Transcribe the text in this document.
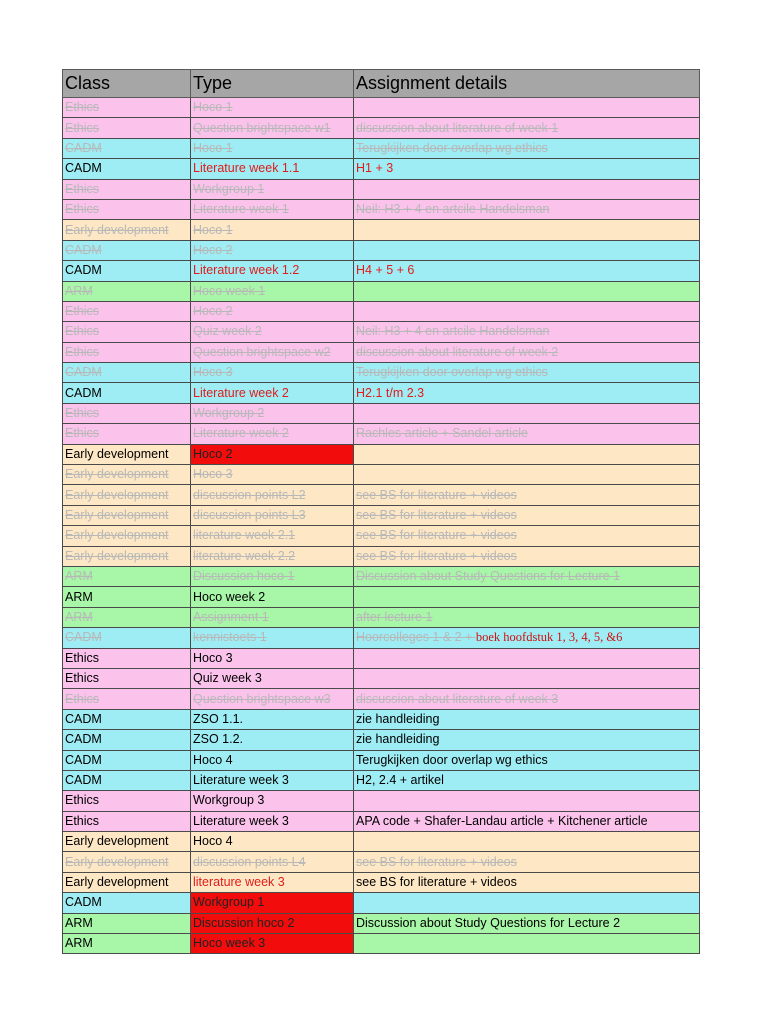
Class	Type	Assignment details
Ethics	Hoco 1	
Ethics	Question brightspace w1	discussion about literature of week 1
CADM	Hoco 1	Terugkijken door overlap wg ethics
CADM	Literature week 1.1	H1 + 3
Ethics	Workgroup 1	
Ethics	Literature week 1	Neil: H3 + 4 en artcile Handelsman
Early development	Hoco 1	
CADM	Hoco 2	
CADM	Literature week 1.2	H4 + 5 + 6
ARM	Hoco week 1	
Ethics	Hoco 2	
Ethics	Quiz week 2	Neil: H3 + 4 en artcile Handelsman
Ethics	Question brightspace w2	discussion about literature of week 2
CADM	Hoco 3	Terugkijken door overlap wg ethics
CADM	Literature week 2	H2.1 t/m 2.3
Ethics	Workgroup 2	
Ethics	Literature week 2	Rachles article + Sandel article
Early development	Hoco 2	
Early development	Hoco 3	
Early development	discussion points L2	see BS for literature + videos
Early development	discussion points L3	see BS for literature + videos
Early development	literature week 2.1	see BS for literature + videos
Early development	literature week 2.2	see BS for literature + videos
ARM	Discussion hoco 1	Discussion about Study Questions for Lecture 1
ARM	Hoco week 2	
ARM	Assignment 1	after lecture 1
CADM	kennistoets 1	Hoorcolleges 1 & 2 + boek hoofdstuk 1, 3, 4, 5, &6
Ethics	Hoco 3	
Ethics	Quiz week 3	
Ethics	Question brightspace w3	discussion about literature of week 3
CADM	ZSO 1.1.	zie handleiding
CADM	ZSO 1.2.	zie handleiding
CADM	Hoco 4	Terugkijken door overlap wg ethics
CADM	Literature week 3	H2, 2.4 + artikel
Ethics	Workgroup 3	
Ethics	Literature week 3	APA code + Shafer-Landau article + Kitchener article
Early development	Hoco 4	
Early development	discussion points L4	see BS for literature + videos
Early development	literature week 3	see BS for literature + videos
CADM	Workgroup 1	
ARM	Discussion hoco 2	Discussion about Study Questions for Lecture 2
ARM	Hoco week 3	
